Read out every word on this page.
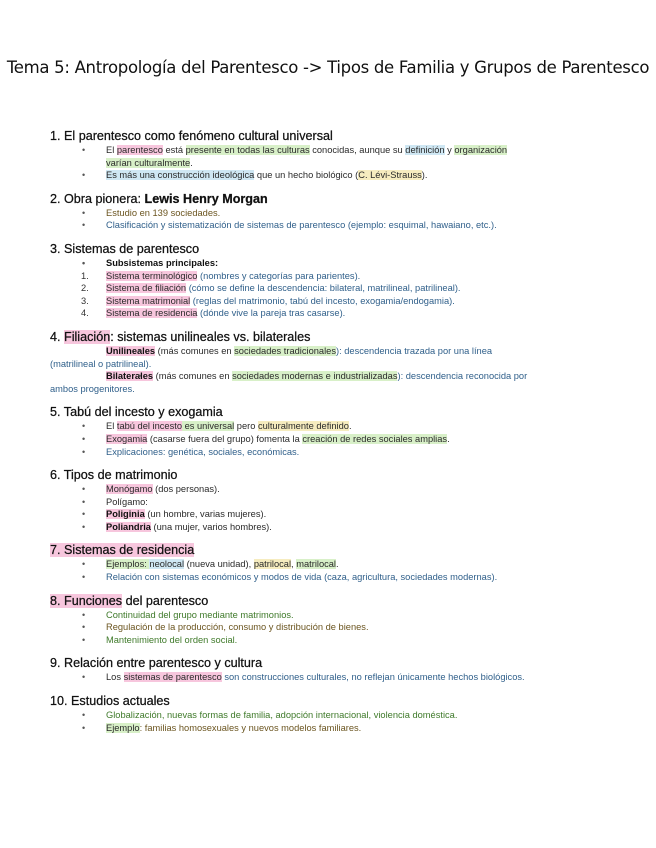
Tema 5: Antropología del Parentesco -> Tipos de Familia y Grupos de Parentesco
1. El parentesco como fenómeno cultural universal
• El parentesco está presente en todas las culturas conocidas, aunque su definición y organización
varían culturalmente.
• Es más una construcción ideológica que un hecho biológico (C. Lévi-Strauss).
2. Obra pionera: Lewis Henry Morgan
• Estudio en 139 sociedades.
• Clasificación y sistematización de sistemas de parentesco (ejemplo: esquimal, hawaiano, etc.).
3. Sistemas de parentesco
• Subsistemas principales:
1. Sistema terminológico (nombres y categorías para parientes).
2. Sistema de filiación (cómo se define la descendencia: bilateral, matrilineal, patrilineal).
3. Sistema matrimonial (reglas del matrimonio, tabú del incesto, exogamia/endogamia).
4. Sistema de residencia (dónde vive la pareja tras casarse).
4. Filiación: sistemas unilineales vs. bilaterales
• Unilineales (más comunes en sociedades tradicionales): descendencia trazada por una línea
(matrilineal o patrilineal).
• Bilaterales (más comunes en sociedades modernas e industrializadas): descendencia reconocida por
ambos progenitores.
5. Tabú del incesto y exogamia
• El tabú del incesto es universal pero culturalmente definido.
• Exogamia (casarse fuera del grupo) fomenta la creación de redes sociales amplias.
• Explicaciones: genética, sociales, económicas.
6. Tipos de matrimonio
• Monógamo (dos personas).
• Polígamo:
• Poliginia (un hombre, varias mujeres).
• Poliandria (una mujer, varios hombres).
7. Sistemas de residencia
• Ejemplos: neolocal (nueva unidad), patrilocal, matrilocal.
• Relación con sistemas económicos y modos de vida (caza, agricultura, sociedades modernas).
8. Funciones del parentesco
• Continuidad del grupo mediante matrimonios.
• Regulación de la producción, consumo y distribución de bienes.
• Mantenimiento del orden social.
9. Relación entre parentesco y cultura
• Los sistemas de parentesco son construcciones culturales, no reflejan únicamente hechos biológicos.
10. Estudios actuales
• Globalización, nuevas formas de familia, adopción internacional, violencia doméstica.
• Ejemplo: familias homosexuales y nuevos modelos familiares.
